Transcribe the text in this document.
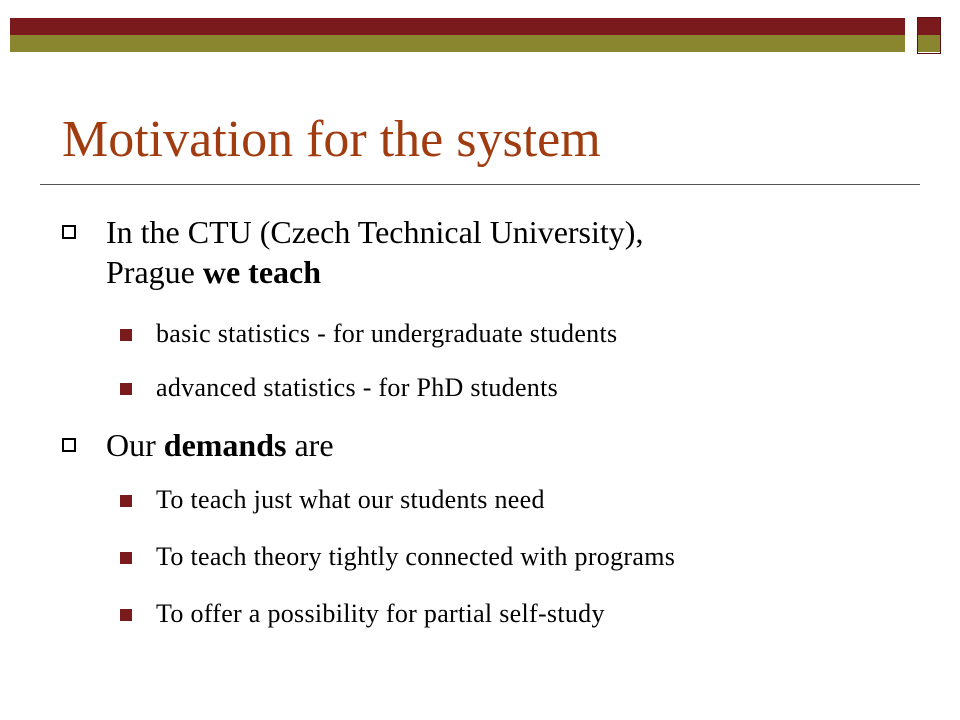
Motivation for the system
In the CTU (Czech Technical University),
Prague we teach
basic statistics - for undergraduate students
advanced statistics - for PhD students
Our demands are
To teach just what our students need
To teach theory tightly connected with programs
To offer a possibility for partial self-study
